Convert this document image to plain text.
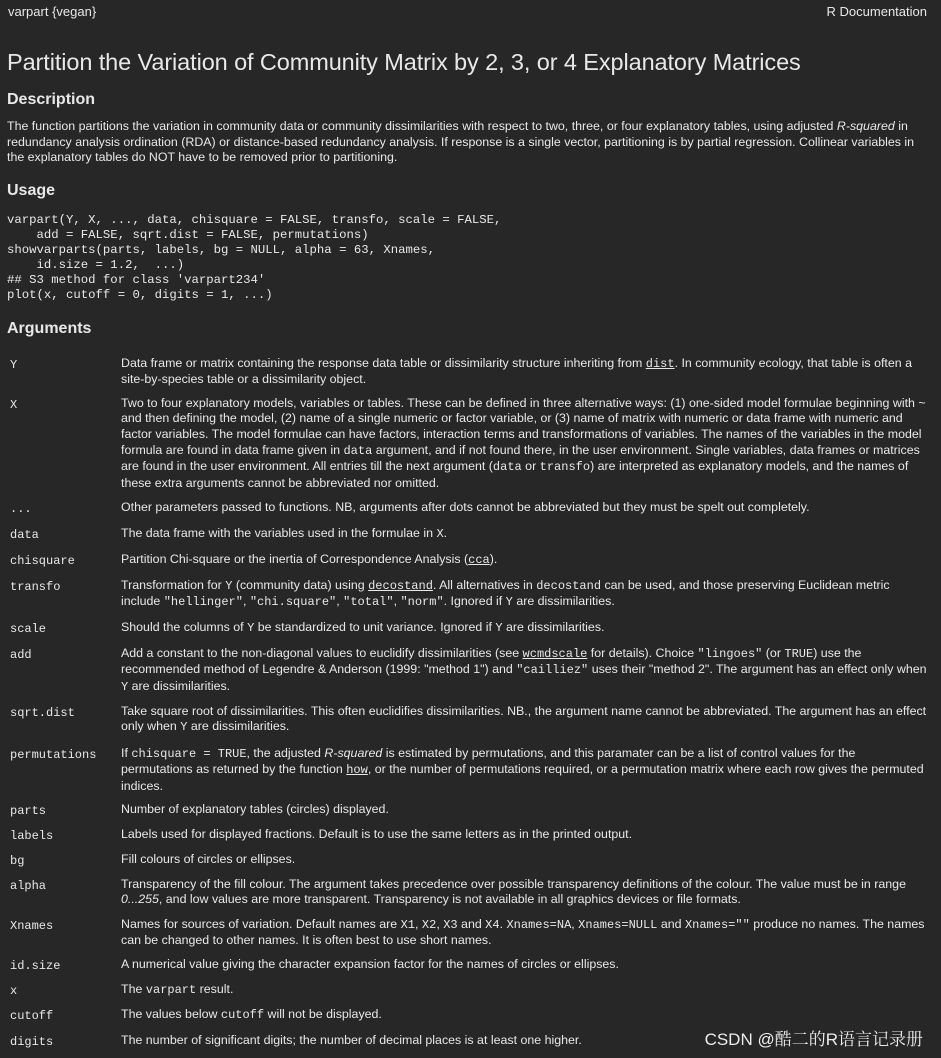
varpart {vegan}	R Documentation
Partition the Variation of Community Matrix by 2, 3, or 4 Explanatory Matrices
Description

The function partitions the variation in community data or community dissimilarities with respect to two, three, or four explanatory tables, using adjusted R-squared in redundancy analysis ordination (RDA) or distance-based redundancy analysis. If response is a single vector, partitioning is by partial regression. Collinear variables in the explanatory tables do NOT have to be removed prior to partitioning.

Usage
varpart(Y, X, ..., data, chisquare = FALSE, transfo, scale = FALSE,
add = FALSE, sqrt.dist = FALSE, permutations)
showvarparts(parts, labels, bg = NULL, alpha = 63, Xnames,
id.size = 1.2,  ...)
## S3 method for class 'varpart234'
plot(x, cutoff = 0, digits = 1, ...)
Arguments
Y	Data frame or matrix containing the response data table or dissimilarity structure inheriting from dist. In community ecology, that table is often a site-by-species table or a dissimilarity object.
X	Two to four explanatory models, variables or tables. These can be defined in three alternative ways: (1) one-sided model formulae beginning with ~ and then defining the model, (2) name of a single numeric or factor variable, or (3) name of matrix with numeric or data frame with numeric and factor variables. The model formulae can have factors, interaction terms and transformations of variables. The names of the variables in the model formula are found in data frame given in data argument, and if not found there, in the user environment. Single variables, data frames or matrices are found in the user environment. All entries till the next argument (data or transfo) are interpreted as explanatory models, and the names of these extra arguments cannot be abbreviated nor omitted.
...	Other parameters passed to functions. NB, arguments after dots cannot be abbreviated but they must be spelt out completely.
data	The data frame with the variables used in the formulae in X.
chisquare	Partition Chi-square or the inertia of Correspondence Analysis (cca).
transfo	Transformation for Y (community data) using decostand. All alternatives in decostand can be used, and those preserving Euclidean metric include "hellinger", "chi.square", "total", "norm". Ignored if Y are dissimilarities.
scale	Should the columns of Y be standardized to unit variance. Ignored if Y are dissimilarities.
add	Add a constant to the non-diagonal values to euclidify dissimilarities (see wcmdscale for details). Choice "lingoes" (or TRUE) use the recommended method of Legendre & Anderson (1999: "method 1") and "cailliez" uses their "method 2". The argument has an effect only when Y are dissimilarities.
sqrt.dist	Take square root of dissimilarities. This often euclidifies dissimilarities. NB., the argument name cannot be abbreviated. The argument has an effect only when Y are dissimilarities.
permutations	If chisquare = TRUE, the adjusted R-squared is estimated by permutations, and this paramater can be a list of control values for the permutations as returned by the function how, or the number of permutations required, or a permutation matrix where each row gives the permuted indices.
parts	Number of explanatory tables (circles) displayed.
labels	Labels used for displayed fractions. Default is to use the same letters as in the printed output.
bg	Fill colours of circles or ellipses.
alpha	Transparency of the fill colour. The argument takes precedence over possible transparency definitions of the colour. The value must be in range 0...255, and low values are more transparent. Transparency is not available in all graphics devices or file formats.
Xnames	Names for sources of variation. Default names are X1, X2, X3 and X4. Xnames=NA, Xnames=NULL and Xnames="" produce no names. The names can be changed to other names. It is often best to use short names.
id.size	A numerical value giving the character expansion factor for the names of circles or ellipses.
x	The varpart result.
cutoff	The values below cutoff will not be displayed.
digits	The number of significant digits; the number of decimal places is at least one higher.	CSDN @酷二的R语言记录册
